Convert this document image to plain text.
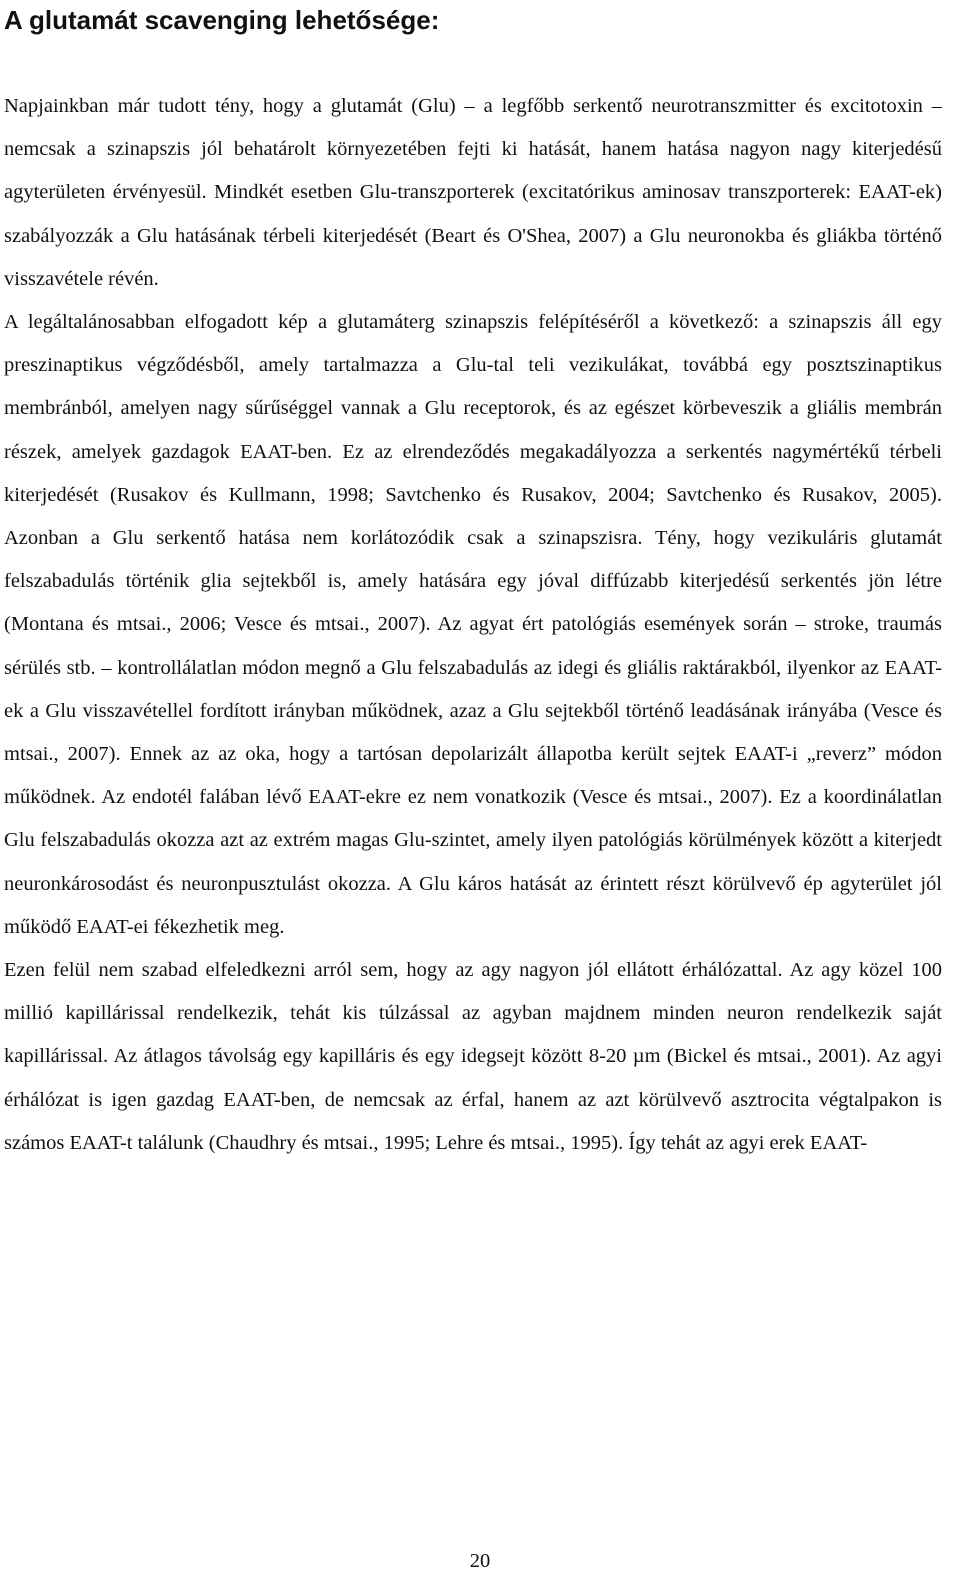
A glutamát scavenging lehetősége:

Napjainkban már tudott tény, hogy a glutamát (Glu) – a legfőbb serkentő neurotranszmitter és excitotoxin – nemcsak a szinapszis jól behatárolt környezetében fejti ki hatását, hanem hatása nagyon nagy kiterjedésű agyterületen érvényesül. Mindkét esetben Glu-transzporterek (excitatórikus aminosav transzporterek: EAAT-ek) szabályozzák a Glu hatásának térbeli kiterjedését (Beart és O'Shea, 2007) a Glu neuronokba és gliákba történő visszavétele révén.

A legáltalánosabban elfogadott kép a glutamáterg szinapszis felépítéséről a következő: a szinapszis áll egy preszinaptikus végződésből, amely tartalmazza a Glu-tal teli vezikulákat, továbbá egy posztszinaptikus membránból, amelyen nagy sűrűséggel vannak a Glu receptorok, és az egészet körbeveszik a gliális membrán részek, amelyek gazdagok EAAT-ben. Ez az elrendeződés megakadályozza a serkentés nagymértékű térbeli kiterjedését (Rusakov és Kullmann, 1998; Savtchenko és Rusakov, 2004; Savtchenko és Rusakov, 2005). Azonban a Glu serkentő hatása nem korlátozódik csak a szinapszisra. Tény, hogy vezikuláris glutamát felszabadulás történik glia sejtekből is, amely hatására egy jóval diffúzabb kiterjedésű serkentés jön létre (Montana és mtsai., 2006; Vesce és mtsai., 2007). Az agyat ért patológiás események során – stroke, traumás sérülés stb. – kontrollálatlan módon megnő a Glu felszabadulás az idegi és gliális raktárakból, ilyenkor az EAAT-ek a Glu visszavétellel fordított irányban működnek, azaz a Glu sejtekből történő leadásának irányába (Vesce és mtsai., 2007). Ennek az az oka, hogy a tartósan depolarizált állapotba került sejtek EAAT-i „reverz” módon működnek. Az endotél falában lévő EAAT-ekre ez nem vonatkozik (Vesce és mtsai., 2007). Ez a koordinálatlan Glu felszabadulás okozza azt az extrém magas Glu-szintet, amely ilyen patológiás körülmények között a kiterjedt neuronkárosodást és neuronpusztulást okozza. A Glu káros hatását az érintett részt körülvevő ép agyterület jól működő EAAT-ei fékezhetik meg.

Ezen felül nem szabad elfeledkezni arról sem, hogy az agy nagyon jól ellátott érhálózattal. Az agy közel 100 millió kapillárissal rendelkezik, tehát kis túlzással az agyban majdnem minden neuron rendelkezik saját kapillárissal. Az átlagos távolság egy kapilláris és egy idegsejt között 8-20 µm (Bickel és mtsai., 2001). Az agyi érhálózat is igen gazdag EAAT-ben, de nemcsak az érfal, hanem az azt körülvevő asztrocita végtalpakon is számos EAAT-t találunk (Chaudhry és mtsai., 1995; Lehre és mtsai., 1995). Így tehát az agyi erek EAAT-

20
